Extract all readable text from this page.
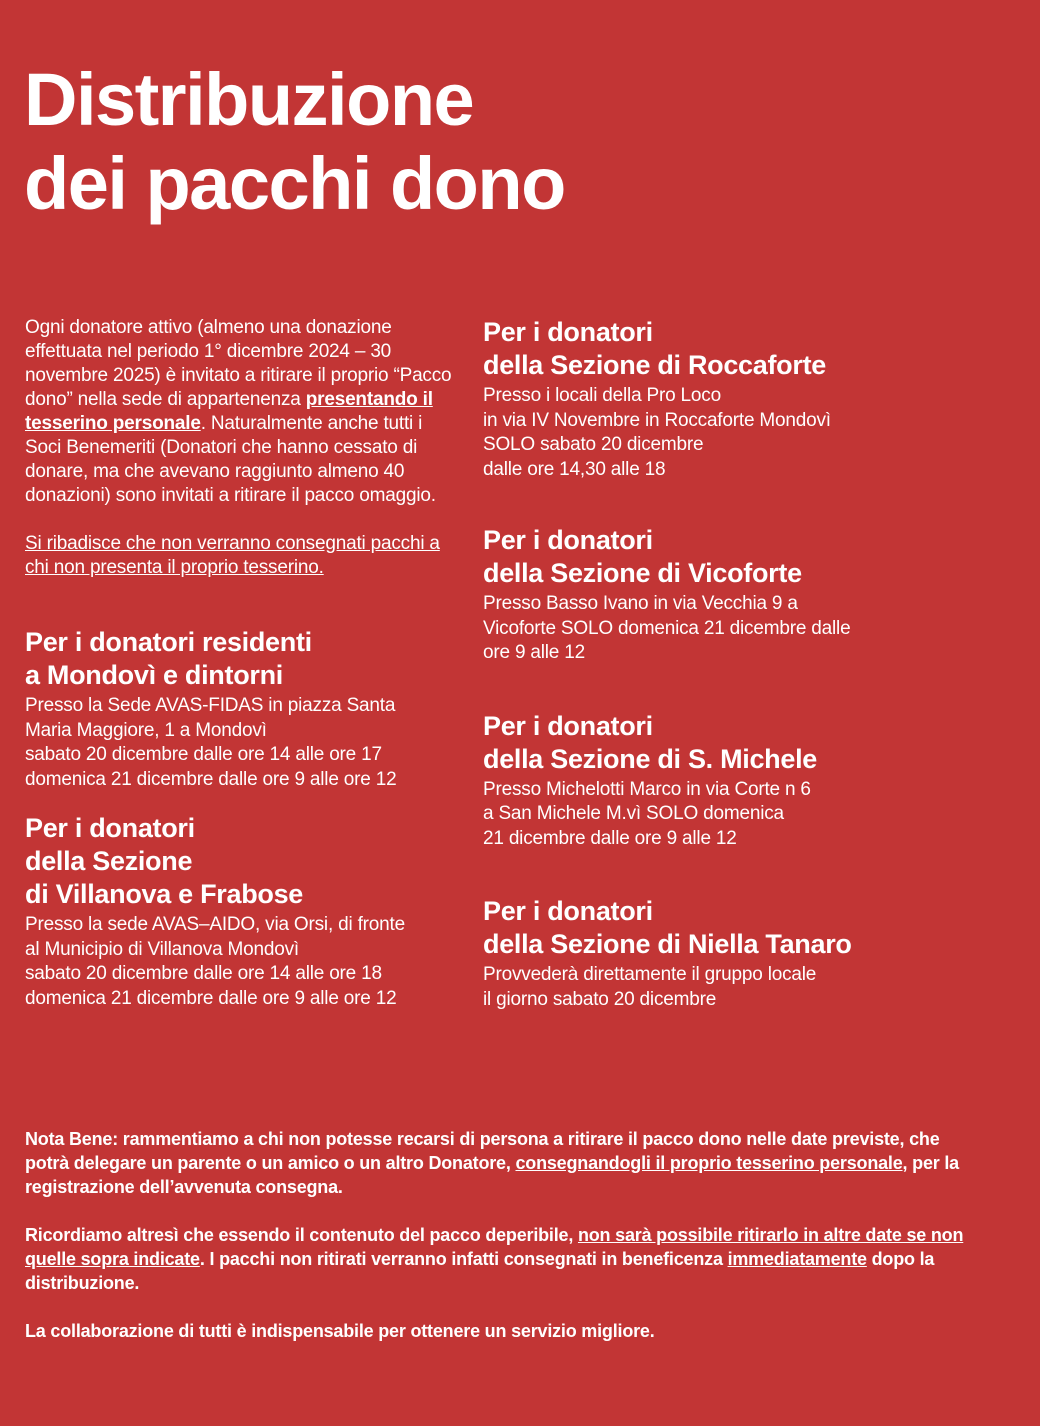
Distribuzione
dei pacchi dono

Ogni donatore attivo (almeno una donazione effettuata nel periodo 1° dicembre 2024 – 30 novembre 2025) è invitato a ritirare il proprio “Pacco dono” nella sede di appartenenza presentando il tesserino personale. Naturalmente anche tutti i Soci Benemeriti (Donatori che hanno cessato di donare, ma che avevano raggiunto almeno 40 donazioni) sono invitati a ritirare il pacco omaggio.

Si ribadisce che non verranno consegnati pacchi a chi non presenta il proprio tesserino.

Per i donatori residenti
a Mondovì e dintorni

Presso la Sede AVAS-FIDAS in piazza Santa
Maria Maggiore, 1 a Mondovì
sabato 20 dicembre dalle ore 14 alle ore 17
domenica 21 dicembre dalle ore 9 alle ore 12

Per i donatori
della Sezione
di Villanova e Frabose

Presso la sede AVAS–AIDO, via Orsi, di fronte
al Municipio di Villanova Mondovì
sabato 20 dicembre dalle ore 14 alle ore 18
domenica 21 dicembre dalle ore 9 alle ore 12

Per i donatori
della Sezione di Roccaforte

Presso i locali della Pro Loco
in via IV Novembre in Roccaforte Mondovì
SOLO sabato 20 dicembre
dalle ore 14,30 alle 18

Per i donatori
della Sezione di Vicoforte

Presso Basso Ivano in via Vecchia 9 a
Vicoforte SOLO domenica 21 dicembre dalle
ore 9 alle 12

Per i donatori
della Sezione di S. Michele

Presso Michelotti Marco in via Corte n 6
a San Michele M.vì SOLO domenica
21 dicembre dalle ore 9 alle 12

Per i donatori
della Sezione di Niella Tanaro

Provvederà direttamente il gruppo locale
il giorno sabato 20 dicembre

Nota Bene: rammentiamo a chi non potesse recarsi di persona a ritirare il pacco dono nelle date previste, che potrà delegare un parente o un amico o un altro Donatore, consegnandogli il proprio tesserino personale, per la registrazione dell’avvenuta consegna.

Ricordiamo altresì che essendo il contenuto del pacco deperibile, non sarà possibile ritirarlo in altre date se non quelle sopra indicate. I pacchi non ritirati verranno infatti consegnati in beneficenza immediatamente dopo la distribuzione.

La collaborazione di tutti è indispensabile per ottenere un servizio migliore.
